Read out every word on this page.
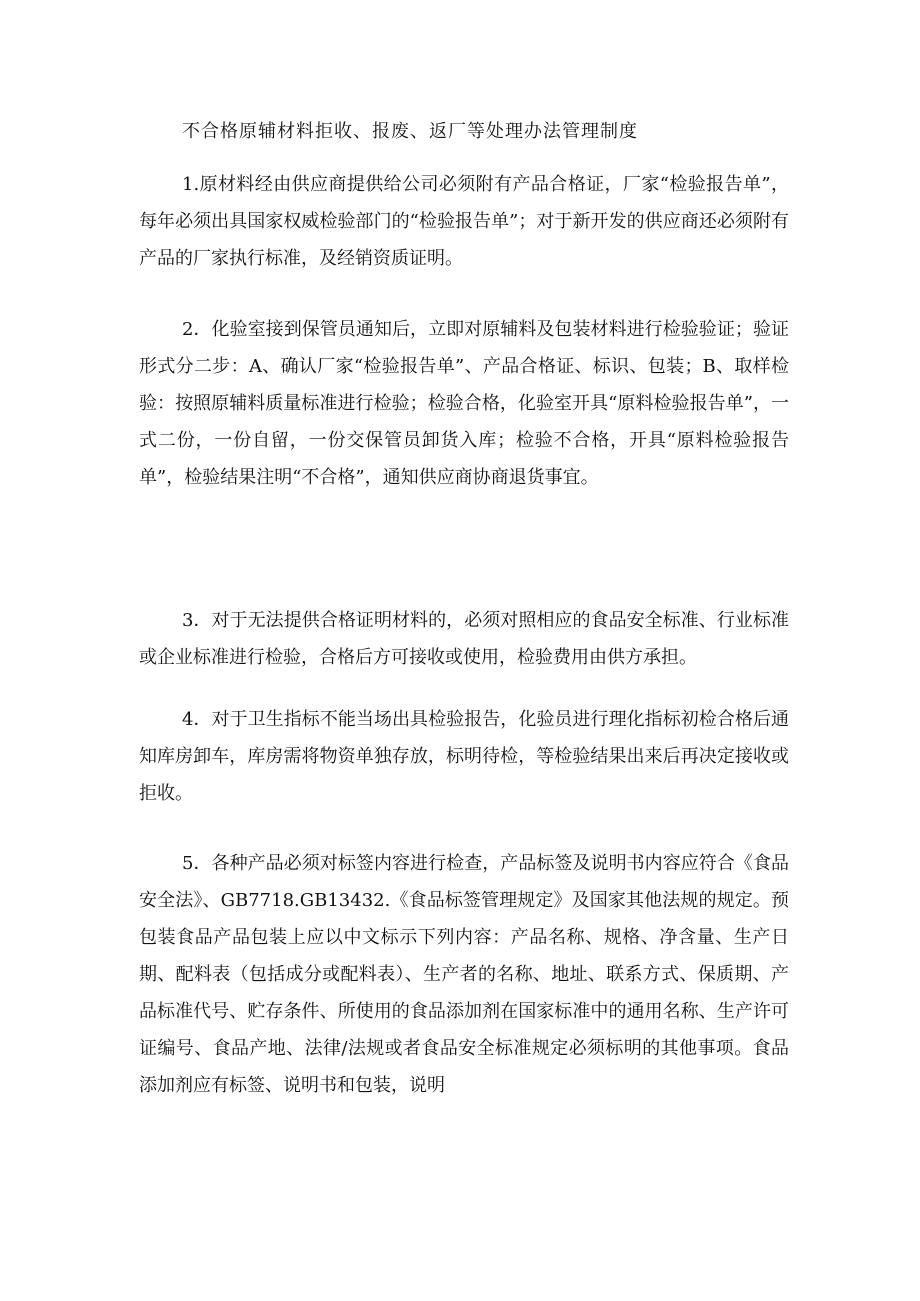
不合格原辅材料拒收、报废、返厂等处理办法管理制度

1.原材料经由供应商提供给公司必须附有产品合格证，厂家“检验报告单”，每年必须出具国家权威检验部门的“检验报告单”；对于新开发的供应商还必须附有产品的厂家执行标准，及经销资质证明。

2．化验室接到保管员通知后，立即对原辅料及包装材料进行检验验证；验证形式分二步：A、确认厂家“检验报告单”、产品合格证、标识、包装；B、取样检验：按照原辅料质量标准进行检验；检验合格，化验室开具“原料检验报告单”，一式二份，一份自留，一份交保管员卸货入库；检验不合格，开具“原料检验报告单”，检验结果注明“不合格”，通知供应商协商退货事宜。

3．对于无法提供合格证明材料的，必须对照相应的食品安全标准、行业标准或企业标准进行检验，合格后方可接收或使用，检验费用由供方承担。

4．对于卫生指标不能当场出具检验报告，化验员进行理化指标初检合格后通知库房卸车，库房需将物资单独存放，标明待检，等检验结果出来后再决定接收或拒收。

5．各种产品必须对标签内容进行检查，产品标签及说明书内容应符合《食品安全法》、GB7718.GB13432.《食品标签管理规定》及国家其他法规的规定。预包装食品产品包装上应以中文标示下列内容：产品名称、规格、净含量、生产日期、配料表（包括成分或配料表）、生产者的名称、地址、联系方式、保质期、产品标准代号、贮存条件、所使用的食品添加剂在国家标准中的通用名称、生产许可证编号、食品产地、法律/法规或者食品安全标准规定必须标明的其他事项。食品添加剂应有标签、说明书和包装，说明
